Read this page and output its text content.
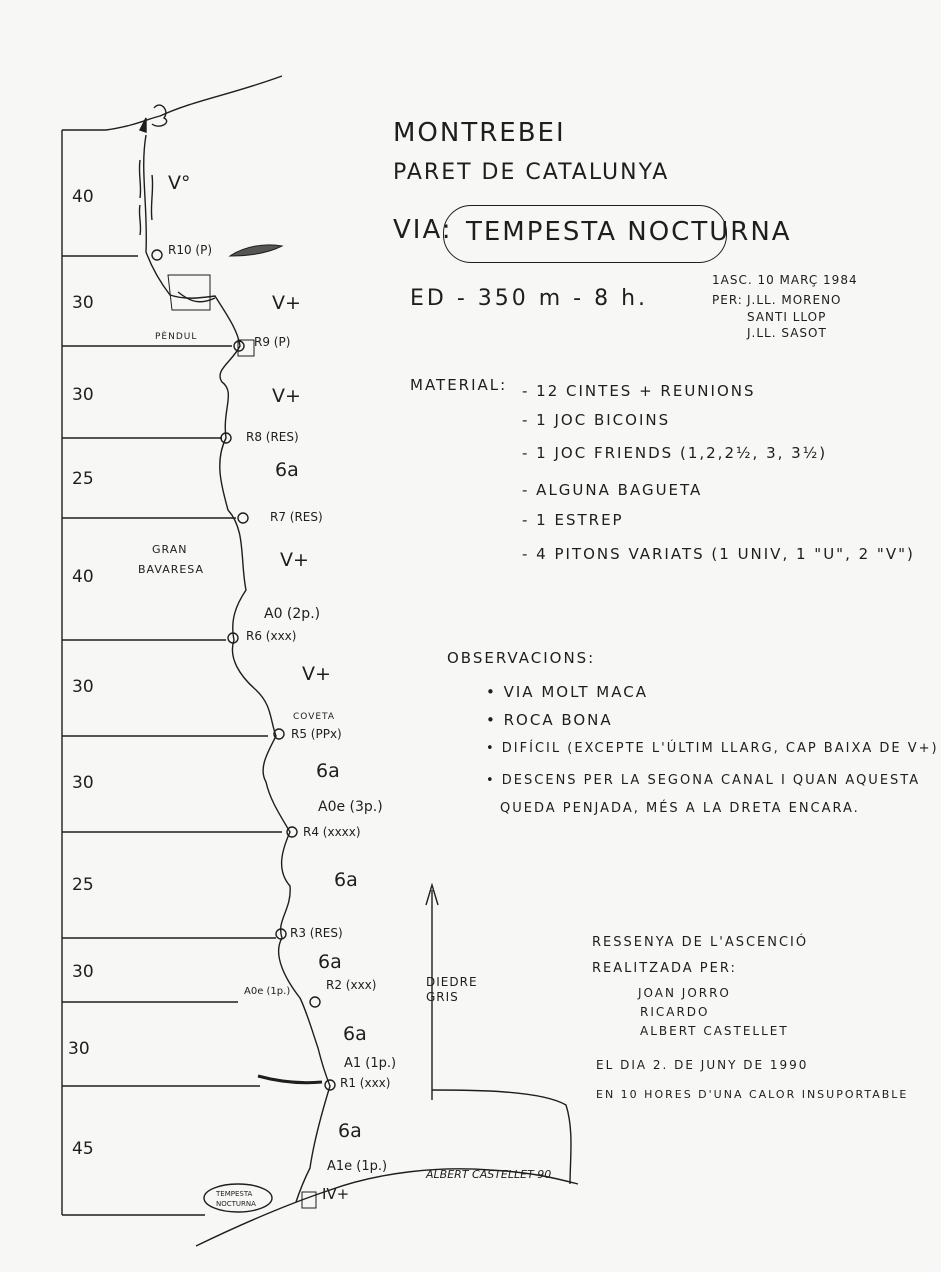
MONTREBEI
PARET DE CATALUNYA
VIA: TEMPESTA NOCTURNA
ED - 350 m - 8 h.
1ASC. 10 MARÇ 1984
PER: J.LL. MORENO
SANTI LLOP
J.LL. SASOT
MATERIAL: - 12 CINTES + REUNIONS
- 1 JOC BICOINS
- 1 JOC FRIENDS (1,2,2½, 3, 3½)
- ALGUNA BAGUETA
- 1 ESTREP
- 4 PITONS VARIATS (1 UNIV, 1 "U", 2 "V")
OBSERVACIONS:
• VIA MOLT MACA
• ROCA BONA
• DIFÍCIL (EXCEPTE L'ÚLTIM LLARG, CAP BAIXA DE V+)
• DESCENS PER LA SEGONA CANAL I QUAN AQUESTA
QUEDA PENJADA, MÉS A LA DRETA ENCARA.
RESSENYA DE L'ASCENCIÓ
REALITZADA PER:
JOAN JORRO
RICARDO
ALBERT CASTELLET
EL DIA 2. DE JUNY DE 1990
EN 10 HORES D'UNA CALOR INSUPORTABLE
DIEDRE
GRIS
GRAN
BAVARESA
PÈNDUL
COVETA
TEMPESTA
NOCTURNA
ALBERT CASTELLET 90
40
30
30
25
40
30
30
25
30
30
45
V°
V+
V+
6a
V+
V+
6a
6a
6a
6a
6a
IV+
R10 (P)
R9 (P)
R8 (RES)
R7 (RES)
A0 (2p.)
R6 (xxx)
R5 (PPx)
A0e (3p.)
R4 (xxxx)
R3 (RES)
A0e (1p.)	R2 (xxx)
A1 (1p.)
R1 (xxx)
A1e (1p.)
